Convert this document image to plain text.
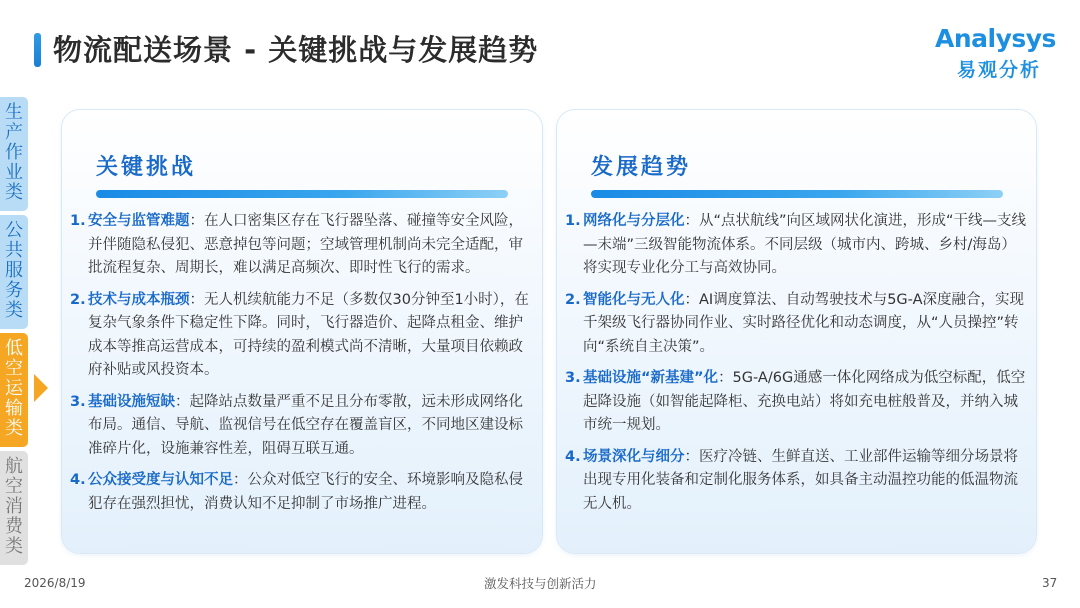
物流配送场景 - 关键挑战与发展趋势	Analysys
易观分析
生产作业类
公共服务类
低空运输类
航空消费类
关键挑战
1. 安全与监管难题：在人口密集区存在飞行器坠落、碰撞等安全风险，并伴随隐私侵犯、恶意掉包等问题；空域管理机制尚未完全适配，审批流程复杂、周期长，难以满足高频次、即时性飞行的需求。
2. 技术与成本瓶颈：无人机续航能力不足（多数仅30分钟至1小时），在复杂气象条件下稳定性下降。同时，飞行器造价、起降点租金、维护成本等推高运营成本，可持续的盈利模式尚不清晰，大量项目依赖政府补贴或风投资本。
3. 基础设施短缺：起降站点数量严重不足且分布零散，远未形成网络化布局。通信、导航、监视信号在低空存在覆盖盲区，不同地区建设标准碎片化，设施兼容性差，阻碍互联互通。
4. 公众接受度与认知不足：公众对低空飞行的安全、环境影响及隐私侵犯存在强烈担忧，消费认知不足抑制了市场推广进程。
发展趋势
1. 网络化与分层化：从“点状航线”向区域网状化演进，形成“干线—支线—末端”三级智能物流体系。不同层级（城市内、跨城、乡村/海岛）将实现专业化分工与高效协同。
2. 智能化与无人化：AI调度算法、自动驾驶技术与5G-A深度融合，实现千架级飞行器协同作业、实时路径优化和动态调度，从“人员操控”转向“系统自主决策”。
3. 基础设施“新基建”化：5G-A/6G通感一体化网络成为低空标配，低空起降设施（如智能起降柜、充换电站）将如充电桩般普及，并纳入城市统一规划。
4. 场景深化与细分：医疗冷链、生鲜直送、工业部件运输等细分场景将出现专用化装备和定制化服务体系，如具备主动温控功能的低温物流无人机。
2026/8/19	激发科技与创新活力	37
